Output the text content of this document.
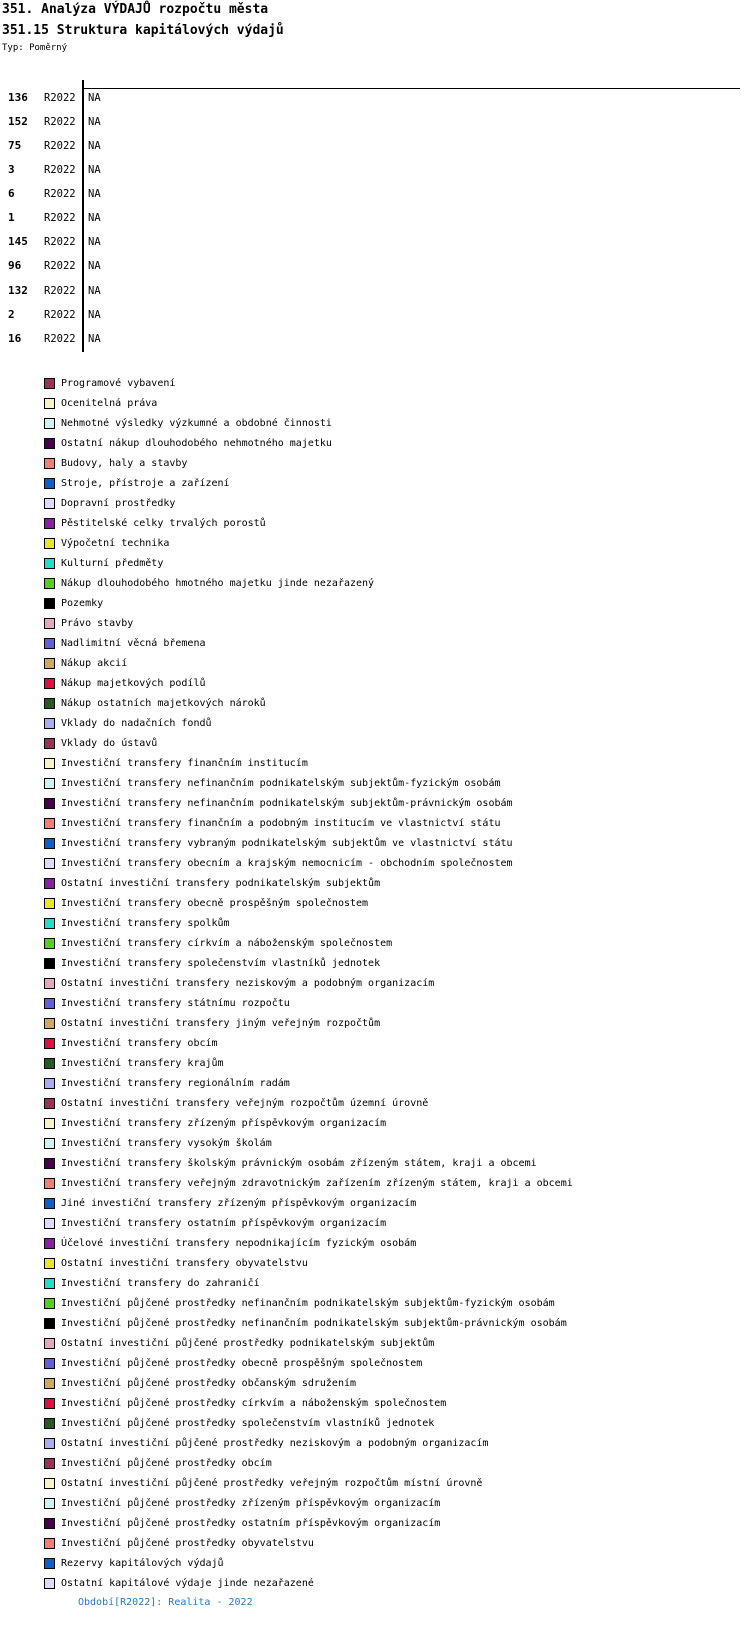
351. Analýza VÝDAJŮ rozpočtu města
351.15 Struktura kapitálových výdajů
Typ: Poměrný
136 R2022 NA
152 R2022 NA
75 R2022 NA
3	R2022 NA
6	R2022 NA
1	R2022 NA
145 R2022 NA
96 R2022 NA
132 R2022 NA
2	R2022 NA
16 R2022 NA
Programové vybavení
Ocenitelná práva
Nehmotné výsledky výzkumné a obdobné činnosti
Ostatní nákup dlouhodobého nehmotného majetku
Budovy, haly a stavby
Stroje, přístroje a zařízení
Dopravní prostředky
Pěstitelské celky trvalých porostů
Výpočetní technika
Kulturní předměty
Nákup dlouhodobého hmotného majetku jinde nezařazený
Pozemky
Právo stavby
Nadlimitní věcná břemena
Nákup akcií
Nákup majetkových podílů
Nákup ostatních majetkových nároků
Vklady do nadačních fondů
Vklady do ústavů
Investiční transfery finančním institucím
Investiční transfery nefinančním podnikatelským subjektům-fyzickým osobám
Investiční transfery nefinančním podnikatelským subjektům-právnickým osobám
Investiční transfery finančním a podobným institucím ve vlastnictví státu
Investiční transfery vybraným podnikatelským subjektům ve vlastnictví státu
Investiční transfery obecním a krajským nemocnicím - obchodním společnostem
Ostatní investiční transfery podnikatelským subjektům
Investiční transfery obecně prospěšným společnostem
Investiční transfery spolkům
Investiční transfery církvím a náboženským společnostem
Investiční transfery společenstvím vlastníků jednotek
Ostatní investiční transfery neziskovým a podobným organizacím
Investiční transfery státnímu rozpočtu
Ostatní investiční transfery jiným veřejným rozpočtům
Investiční transfery obcím
Investiční transfery krajům
Investiční transfery regionálním radám
Ostatní investiční transfery veřejným rozpočtům územní úrovně
Investiční transfery zřízeným příspěvkovým organizacím
Investiční transfery vysokým školám
Investiční transfery školským právnickým osobám zřízeným státem, kraji a obcemi
Investiční transfery veřejným zdravotnickým zařízením zřízeným státem, kraji a obcemi
Jiné investiční transfery zřízeným příspěvkovým organizacím
Investiční transfery ostatním příspěvkovým organizacím
Účelové investiční transfery nepodnikajícím fyzickým osobám
Ostatní investiční transfery obyvatelstvu
Investiční transfery do zahraničí
Investiční půjčené prostředky nefinančním podnikatelským subjektům-fyzickým osobám
Investiční půjčené prostředky nefinančním podnikatelským subjektům-právnickým osobám
Ostatní investiční půjčené prostředky podnikatelským subjektům
Investiční půjčené prostředky obecně prospěšným společnostem
Investiční půjčené prostředky občanským sdružením
Investiční půjčené prostředky církvím a náboženským společnostem
Investiční půjčené prostředky společenstvím vlastníků jednotek
Ostatní investiční půjčené prostředky neziskovým a podobným organizacím
Investiční půjčené prostředky obcím
Ostatní investiční půjčené prostředky veřejným rozpočtům místní úrovně
Investiční půjčené prostředky zřízeným příspěvkovým organizacím
Investiční půjčené prostředky ostatním příspěvkovým organizacím
Investiční půjčené prostředky obyvatelstvu
Rezervy kapitálových výdajů
Ostatní kapitálové výdaje jinde nezařazené
Období[R2022]: Realita - 2022
